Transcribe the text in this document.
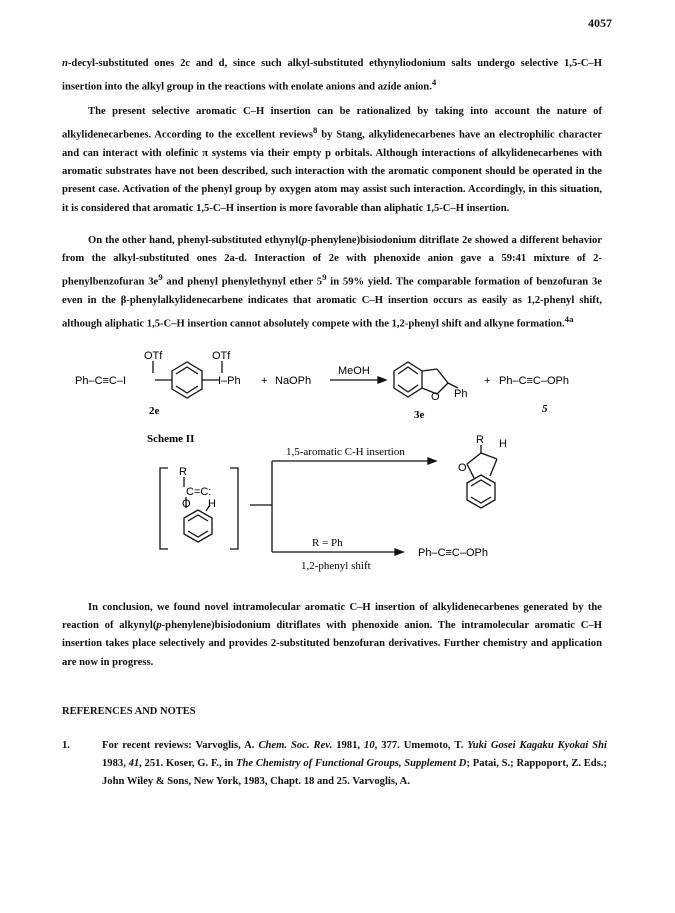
4057

n-decyl-substituted ones 2c and d, since such alkyl-substituted ethynyliodonium salts undergo selective 1,5-C–H insertion into the alkyl group in the reactions with enolate anions and azide anion.$^4$

The present selective aromatic C–H insertion can be rationalized by taking into account the nature of alkylidenecarbenes. According to the excellent reviews$^8$ by Stang, alkylidenecarbenes have an electrophilic character and can interact with olefinic π systems via their empty p orbitals. Although interactions of alkylidenecarbenes with aromatic substrates have not been described, such interaction with the aromatic component should be operated in the present case. Activation of the phenyl group by oxygen atom may assist such interaction. Accordingly, in this situation, it is considered that aromatic 1,5-C–H insertion is more favorable than aliphatic 1,5-C–H insertion.

On the other hand, phenyl-substituted ethynyl(p-phenylene)bisiodonium ditriflate 2e showed a different behavior from the alkyl-substituted ones 2a-d. Interaction of 2e with phenoxide anion gave a 59:41 mixture of 2-phenylbenzofuran $3e^9$ and phenyl phenylethynyl ether $5^9$ in 59% yield. The comparable formation of benzofuran 3e even in the β-phenylalkylidenecarbene indicates that aromatic C–H insertion occurs as easily as 1,2-phenyl shift, although aliphatic 1,5-C–H insertion cannot absolutely compete with the 1,2-phenyl shift and alkyne formation.$^{4a}$

Ph–C≡C–I
OTf	OTf
I–Ph + NaOPh
MeOH
O Ph
+ Ph–C≡C–OPh
2e	3e	5
Scheme II
R
C=C:
O H
1,5-aromatic C-H insertion
R H
O
R = Ph
1,2-phenyl shift
Ph–C≡C–OPh

In conclusion, we found novel intramolecular aromatic C–H insertion of alkylidenecarbenes generated by the reaction of alkynyl(p-phenylene)bisiodonium ditriflates with phenoxide anion. The intramolecular aromatic C–H insertion takes place selectively and provides 2-substituted benzofuran derivatives. Further chemistry and application are now in progress.

REFERENCES AND NOTES
1.	For recent reviews: Varvoglis, A. Chem. Soc. Rev. 1981, 10, 377. Umemoto, T. Yuki Gosei Kagaku Kyokai Shi 1983, 41, 251. Koser, G. F., in The Chemistry of Functional Groups, Supplement D; Patai, S.; Rappoport, Z. Eds.; John Wiley & Sons, New York, 1983, Chapt. 18 and 25. Varvoglis, A.
